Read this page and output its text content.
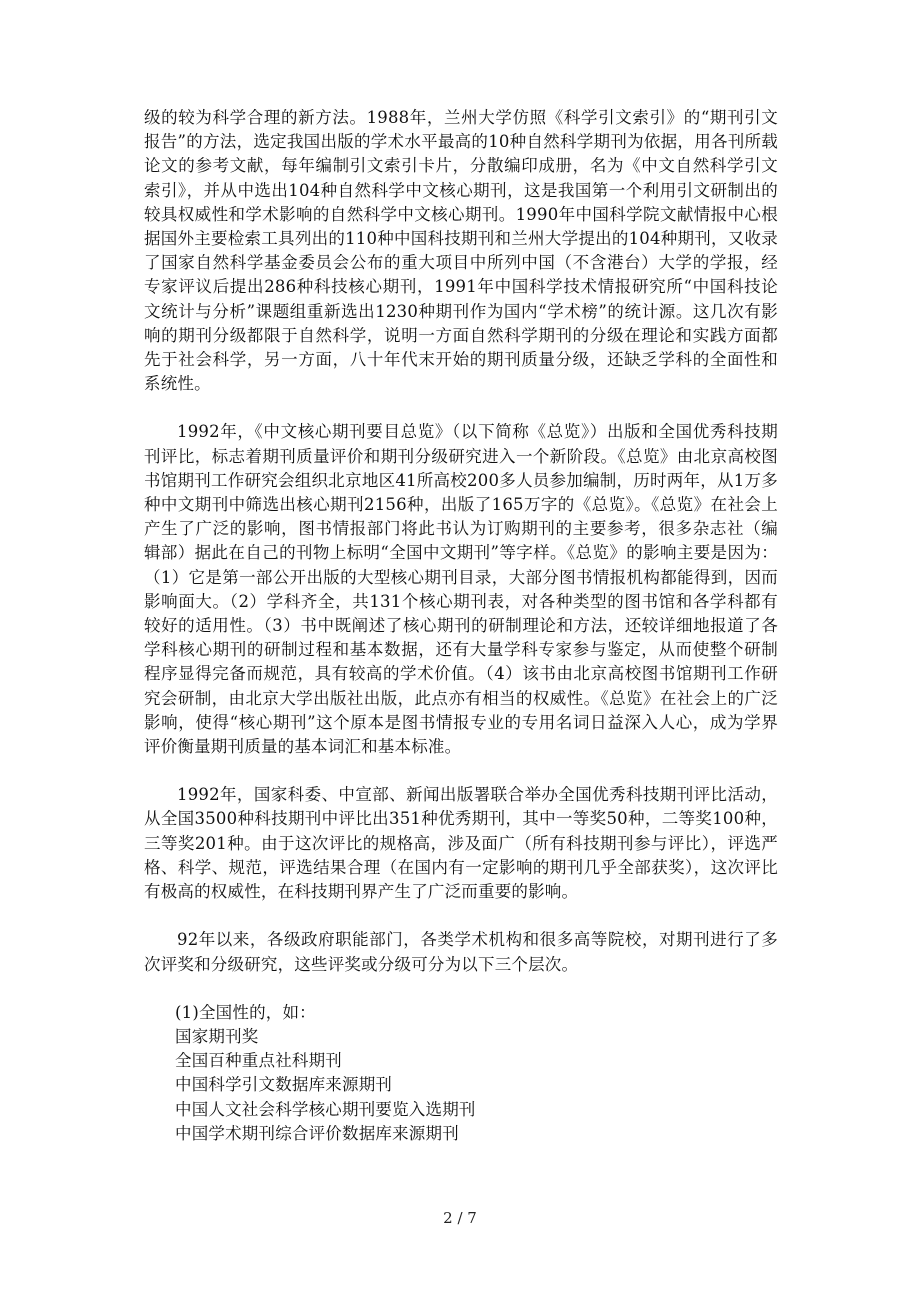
级的较为科学合理的新方法。1988年，兰州大学仿照《科学引文索引》的“期刊引文报告”的方法，选定我国出版的学术水平最高的10种自然科学期刊为依据，用各刊所载论文的参考文献，每年编制引文索引卡片，分散编印成册，名为《中文自然科学引文索引》，并从中选出104种自然科学中文核心期刊，这是我国第一个利用引文研制出的较具权威性和学术影响的自然科学中文核心期刊。1990年中国科学院文献情报中心根据国外主要检索工具列出的110种中国科技期刊和兰州大学提出的104种期刊，又收录了国家自然科学基金委员会公布的重大项目中所列中国（不含港台）大学的学报，经专家评议后提出286种科技核心期刊，1991年中国科学技术情报研究所“中国科技论文统计与分析”课题组重新选出1230种期刊作为国内“学术榜”的统计源。这几次有影响的期刊分级都限于自然科学，说明一方面自然科学期刊的分级在理论和实践方面都先于社会科学，另一方面，八十年代末开始的期刊质量分级，还缺乏学科的全面性和系统性。

1992年，《中文核心期刊要目总览》（以下简称《总览》）出版和全国优秀科技期刊评比，标志着期刊质量评价和期刊分级研究进入一个新阶段。《总览》由北京高校图书馆期刊工作研究会组织北京地区41所高校200多人员参加编制，历时两年，从1万多种中文期刊中筛选出核心期刊2156种，出版了165万字的《总览》。《总览》在社会上产生了广泛的影响，图书情报部门将此书认为订购期刊的主要参考，很多杂志社（编辑部）据此在自己的刊物上标明“全国中文期刊”等字样。《总览》的影响主要是因为：（1）它是第一部公开出版的大型核心期刊目录，大部分图书情报机构都能得到，因而影响面大。（2）学科齐全，共131个核心期刊表，对各种类型的图书馆和各学科都有较好的适用性。（3）书中既阐述了核心期刊的研制理论和方法，还较详细地报道了各学科核心期刊的研制过程和基本数据，还有大量学科专家参与鉴定，从而使整个研制程序显得完备而规范，具有较高的学术价值。（4）该书由北京高校图书馆期刊工作研究会研制，由北京大学出版社出版，此点亦有相当的权威性。《总览》在社会上的广泛影响，使得“核心期刊”这个原本是图书情报专业的专用名词日益深入人心，成为学界评价衡量期刊质量的基本词汇和基本标准。

1992年，国家科委、中宣部、新闻出版署联合举办全国优秀科技期刊评比活动，从全国3500种科技期刊中评比出351种优秀期刊，其中一等奖50种，二等奖100种，三等奖201种。由于这次评比的规格高，涉及面广（所有科技期刊参与评比），评选严格、科学、规范，评选结果合理（在国内有一定影响的期刊几乎全部获奖），这次评比有极高的权威性，在科技期刊界产生了广泛而重要的影响。

92年以来，各级政府职能部门，各类学术机构和很多高等院校，对期刊进行了多次评奖和分级研究，这些评奖或分级可分为以下三个层次。

(1)全国性的，如：
国家期刊奖
全国百种重点社科期刊
中国科学引文数据库来源期刊
中国人文社会科学核心期刊要览入选期刊
中国学术期刊综合评价数据库来源期刊
2 / 7
